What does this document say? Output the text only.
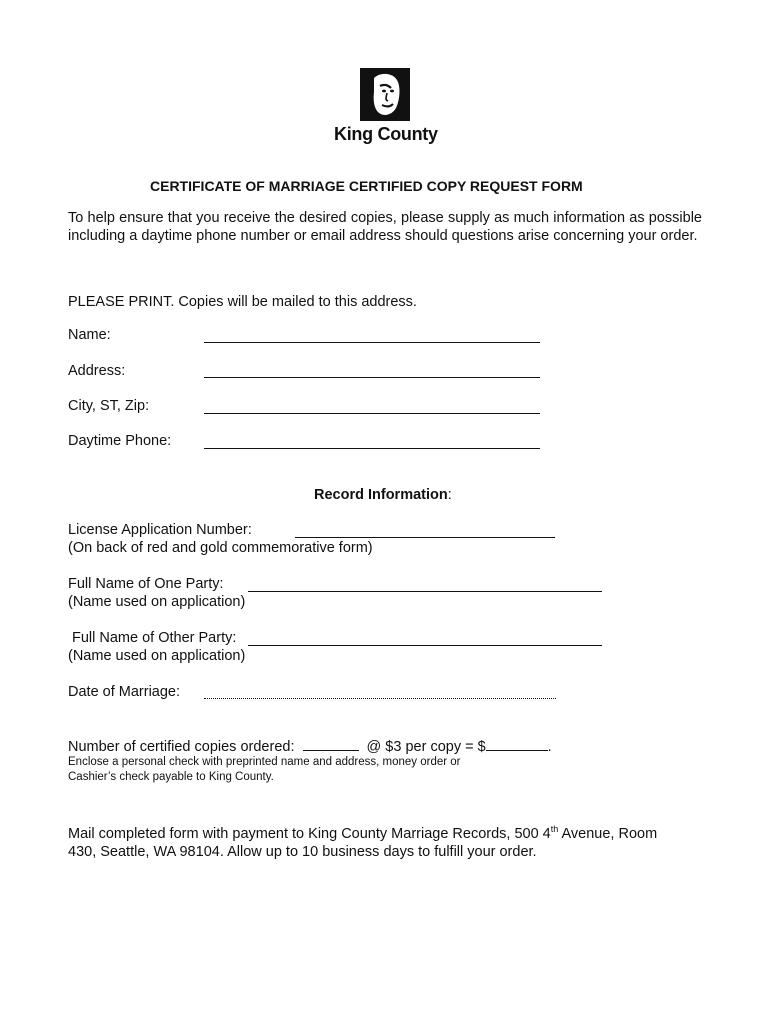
King County
CERTIFICATE OF MARRIAGE CERTIFIED COPY REQUEST FORM
To help ensure that you receive the desired copies, please supply as much information as possible including a daytime phone number or email address should questions arise concerning your order.
PLEASE PRINT. Copies will be mailed to this address.
Name:
Address:
City, ST, Zip:
Daytime Phone:
Record Information:
License Application Number:
(On back of red and gold commemorative form)
Full Name of One Party:
(Name used on application)
Full Name of Other Party:
(Name used on application)
Date of Marriage:
Number of certified copies ordered:	@ $3 per copy = $	.
Enclose a personal check with preprinted name and address, money order or
Cashier’s check payable to King County.
Mail completed form with payment to King County Marriage Records, 500 4th Avenue, Room
430, Seattle, WA 98104. Allow up to 10 business days to fulfill your order.
